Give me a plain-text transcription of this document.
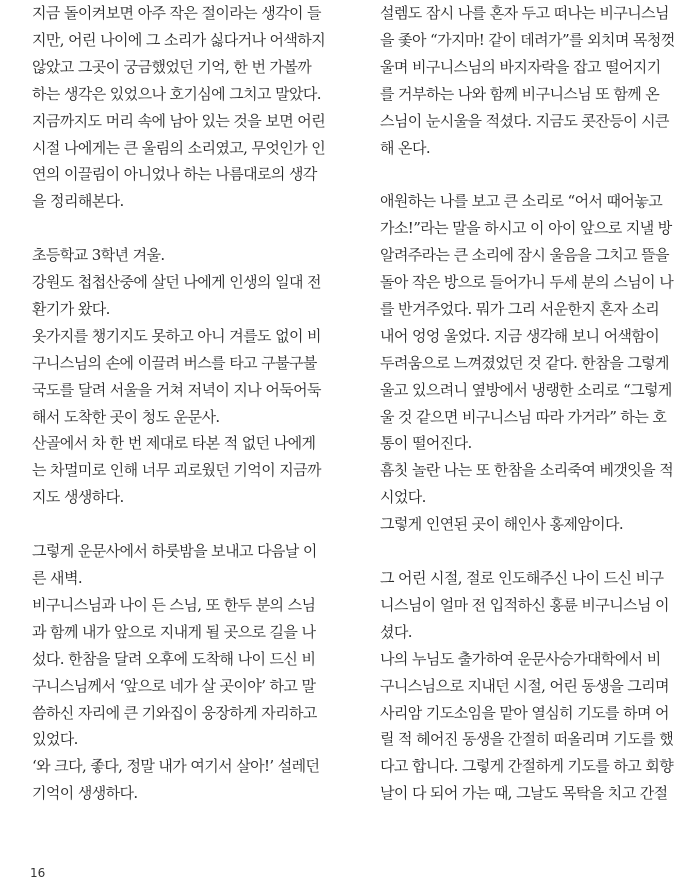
지금 돌이켜보면 아주 작은 절이라는 생각이 들

지만, 어린 나이에 그 소리가 싫다거나 어색하지

않았고 그곳이 궁금했었던 기억, 한 번 가볼까

하는 생각은 있었으나 호기심에 그치고 말았다.

지금까지도 머리 속에 남아 있는 것을 보면 어린

시절 나에게는 큰 울림의 소리였고, 무엇인가 인

연의 이끌림이 아니었나 하는 나름대로의 생각

을 정리해본다.

초등학교 3학년 겨울.

강원도 첩첩산중에 살던 나에게 인생의 일대 전

환기가 왔다.

옷가지를 챙기지도 못하고 아니 겨를도 없이 비

구니스님의 손에 이끌려 버스를 타고 구불구불

국도를 달려 서울을 거쳐 저녁이 지나 어둑어둑

해서 도착한 곳이 청도 운문사.

산골에서 차 한 번 제대로 타본 적 없던 나에게

는 차멀미로 인해 너무 괴로웠던 기억이 지금까

지도 생생하다.

그렇게 운문사에서 하룻밤을 보내고 다음날 이

른 새벽.

비구니스님과 나이 든 스님, 또 한두 분의 스님

과 함께 내가 앞으로 지내게 될 곳으로 길을 나

섰다. 한참을 달려 오후에 도착해 나이 드신 비

구니스님께서 ‘앞으로 네가 살 곳이야’ 하고 말

씀하신 자리에 큰 기와집이 웅장하게 자리하고

있었다.

‘와 크다, 좋다, 정말 내가 여기서 살아!’ 설레던

기억이 생생하다.

설렘도 잠시 나를 혼자 두고 떠나는 비구니스님

을 좇아 “가지마! 같이 데려가”를 외치며 목청껏

울며 비구니스님의 바지자락을 잡고 떨어지기

를 거부하는 나와 함께 비구니스님 또 함께 온

스님이 눈시울을 적셨다. 지금도 콧잔등이 시큰

해 온다.

애원하는 나를 보고 큰 소리로 “어서 때어놓고

가소!”라는 말을 하시고 이 아이 앞으로 지낼 방

알려주라는 큰 소리에 잠시 울음을 그치고 뜰을

돌아 작은 방으로 들어가니 두세 분의 스님이 나

를 반겨주었다. 뭐가 그리 서운한지 혼자 소리

내어 엉엉 울었다. 지금 생각해 보니 어색함이

두려움으로 느껴졌었던 것 같다. 한참을 그렇게

울고 있으려니 옆방에서 냉랭한 소리로 “그렇게

울 것 같으면 비구니스님 따라 가거라” 하는 호

통이 떨어진다.

흠칫 놀란 나는 또 한참을 소리죽여 베갯잇을 적

시었다.

그렇게 인연된 곳이 해인사 홍제암이다.

그 어린 시절, 절로 인도해주신 나이 드신 비구

니스님이 얼마 전 입적하신 홍륜 비구니스님 이

셨다.

나의 누님도 출가하여 운문사승가대학에서 비

구니스님으로 지내던 시절, 어린 동생을 그리며

사리암 기도소임을 맡아 열심히 기도를 하며 어

릴 적 헤어진 동생을 간절히 떠올리며 기도를 했

다고 합니다. 그렇게 간절하게 기도를 하고 회향

날이 다 되어 가는 때, 그날도 목탁을 치고 간절

16
